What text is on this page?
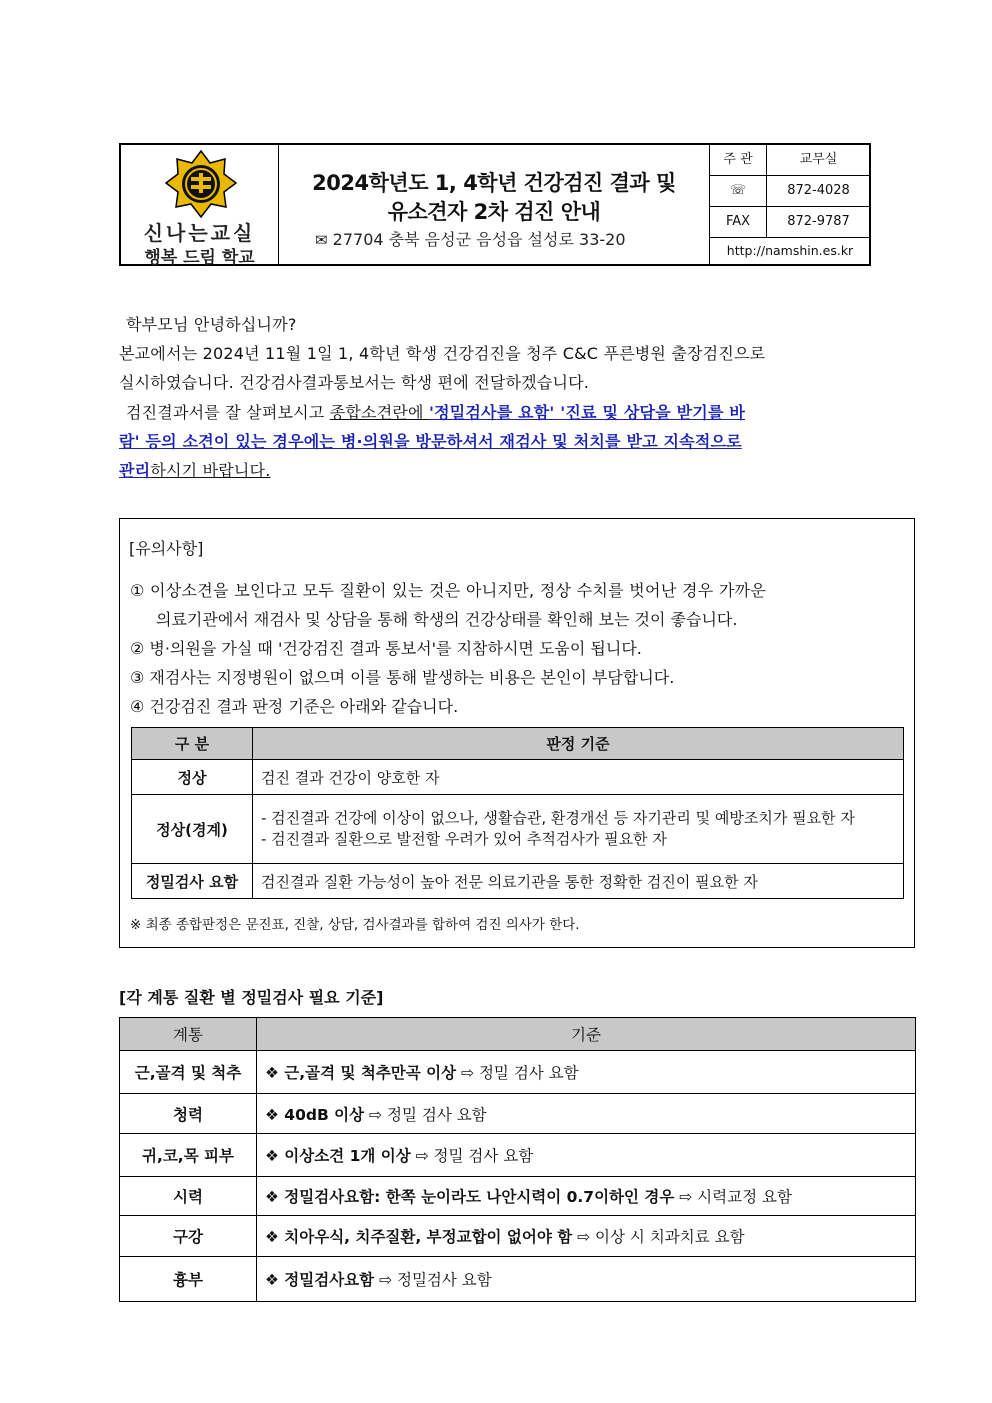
신나는교실
행복 드림 학교
2024학년도 1, 4학년 건강검진 결과 및
유소견자 2차 검진 안내
✉ 27704 충북 음성군 음성읍 설성로 33-20
주 관	교무실
☏	872-4028
FAX	872-9787
http://namshin.es.kr
학부모님 안녕하십니까?
본교에서는 2024년 11월 1일 1, 4학년 학생 건강검진을 청주 C&C 푸른병원 출장검진으로
실시하였습니다. 건강검사결과통보서는 학생 편에 전달하겠습니다.
검진결과서를 잘 살펴보시고 종합소견란에 '정밀검사를 요함' '진료 및 상담을 받기를 바
람' 등의 소견이 있는 경우에는 병·의원을 방문하셔서 재검사 및 처치를 받고 지속적으로
관리하시기 바랍니다.
[유의사항]
① 이상소견을 보인다고 모두 질환이 있는 것은 아니지만, 정상 수치를 벗어난 경우 가까운
의료기관에서 재검사 및 상담을 통해 학생의 건강상태를 확인해 보는 것이 좋습니다.
② 병·의원을 가실 때 '건강검진 결과 통보서'를 지참하시면 도움이 됩니다.
③ 재검사는 지정병원이 없으며 이를 통해 발생하는 비용은 본인이 부담합니다.
④ 건강검진 결과 판정 기준은 아래와 같습니다.
구 분	판정 기준
정상	검진 결과 건강이 양호한 자
정상(경계)	- 검진결과 건강에 이상이 없으나, 생활습관, 환경개선 등 자기관리 및 예방조치가 필요한 자
- 검진결과 질환으로 발전할 우려가 있어 추적검사가 필요한 자

정밀검사 요함	검진결과 질환 가능성이 높아 전문 의료기관을 통한 정확한 검진이 필요한 자
※ 최종 종합판정은 문진표, 진찰, 상담, 검사결과를 합하여 검진 의사가 한다.
[각 계통 질환 별 정밀검사 필요 기준]
계통	기준
근,골격 및 척추	❖ 근,골격 및 척추만곡 이상 ⇨ 정밀 검사 요함
청력	❖ 40dB 이상 ⇨ 정밀 검사 요함
귀,코,목 피부	❖ 이상소견 1개 이상 ⇨ 정밀 검사 요함
시력	❖ 정밀검사요함: 한쪽 눈이라도 나안시력이 0.7이하인 경우 ⇨ 시력교정 요함
구강	❖ 치아우식, 치주질환, 부정교합이 없어야 함 ⇨ 이상 시 치과치료 요함
흉부	❖ 정밀검사요함 ⇨ 정밀검사 요함
